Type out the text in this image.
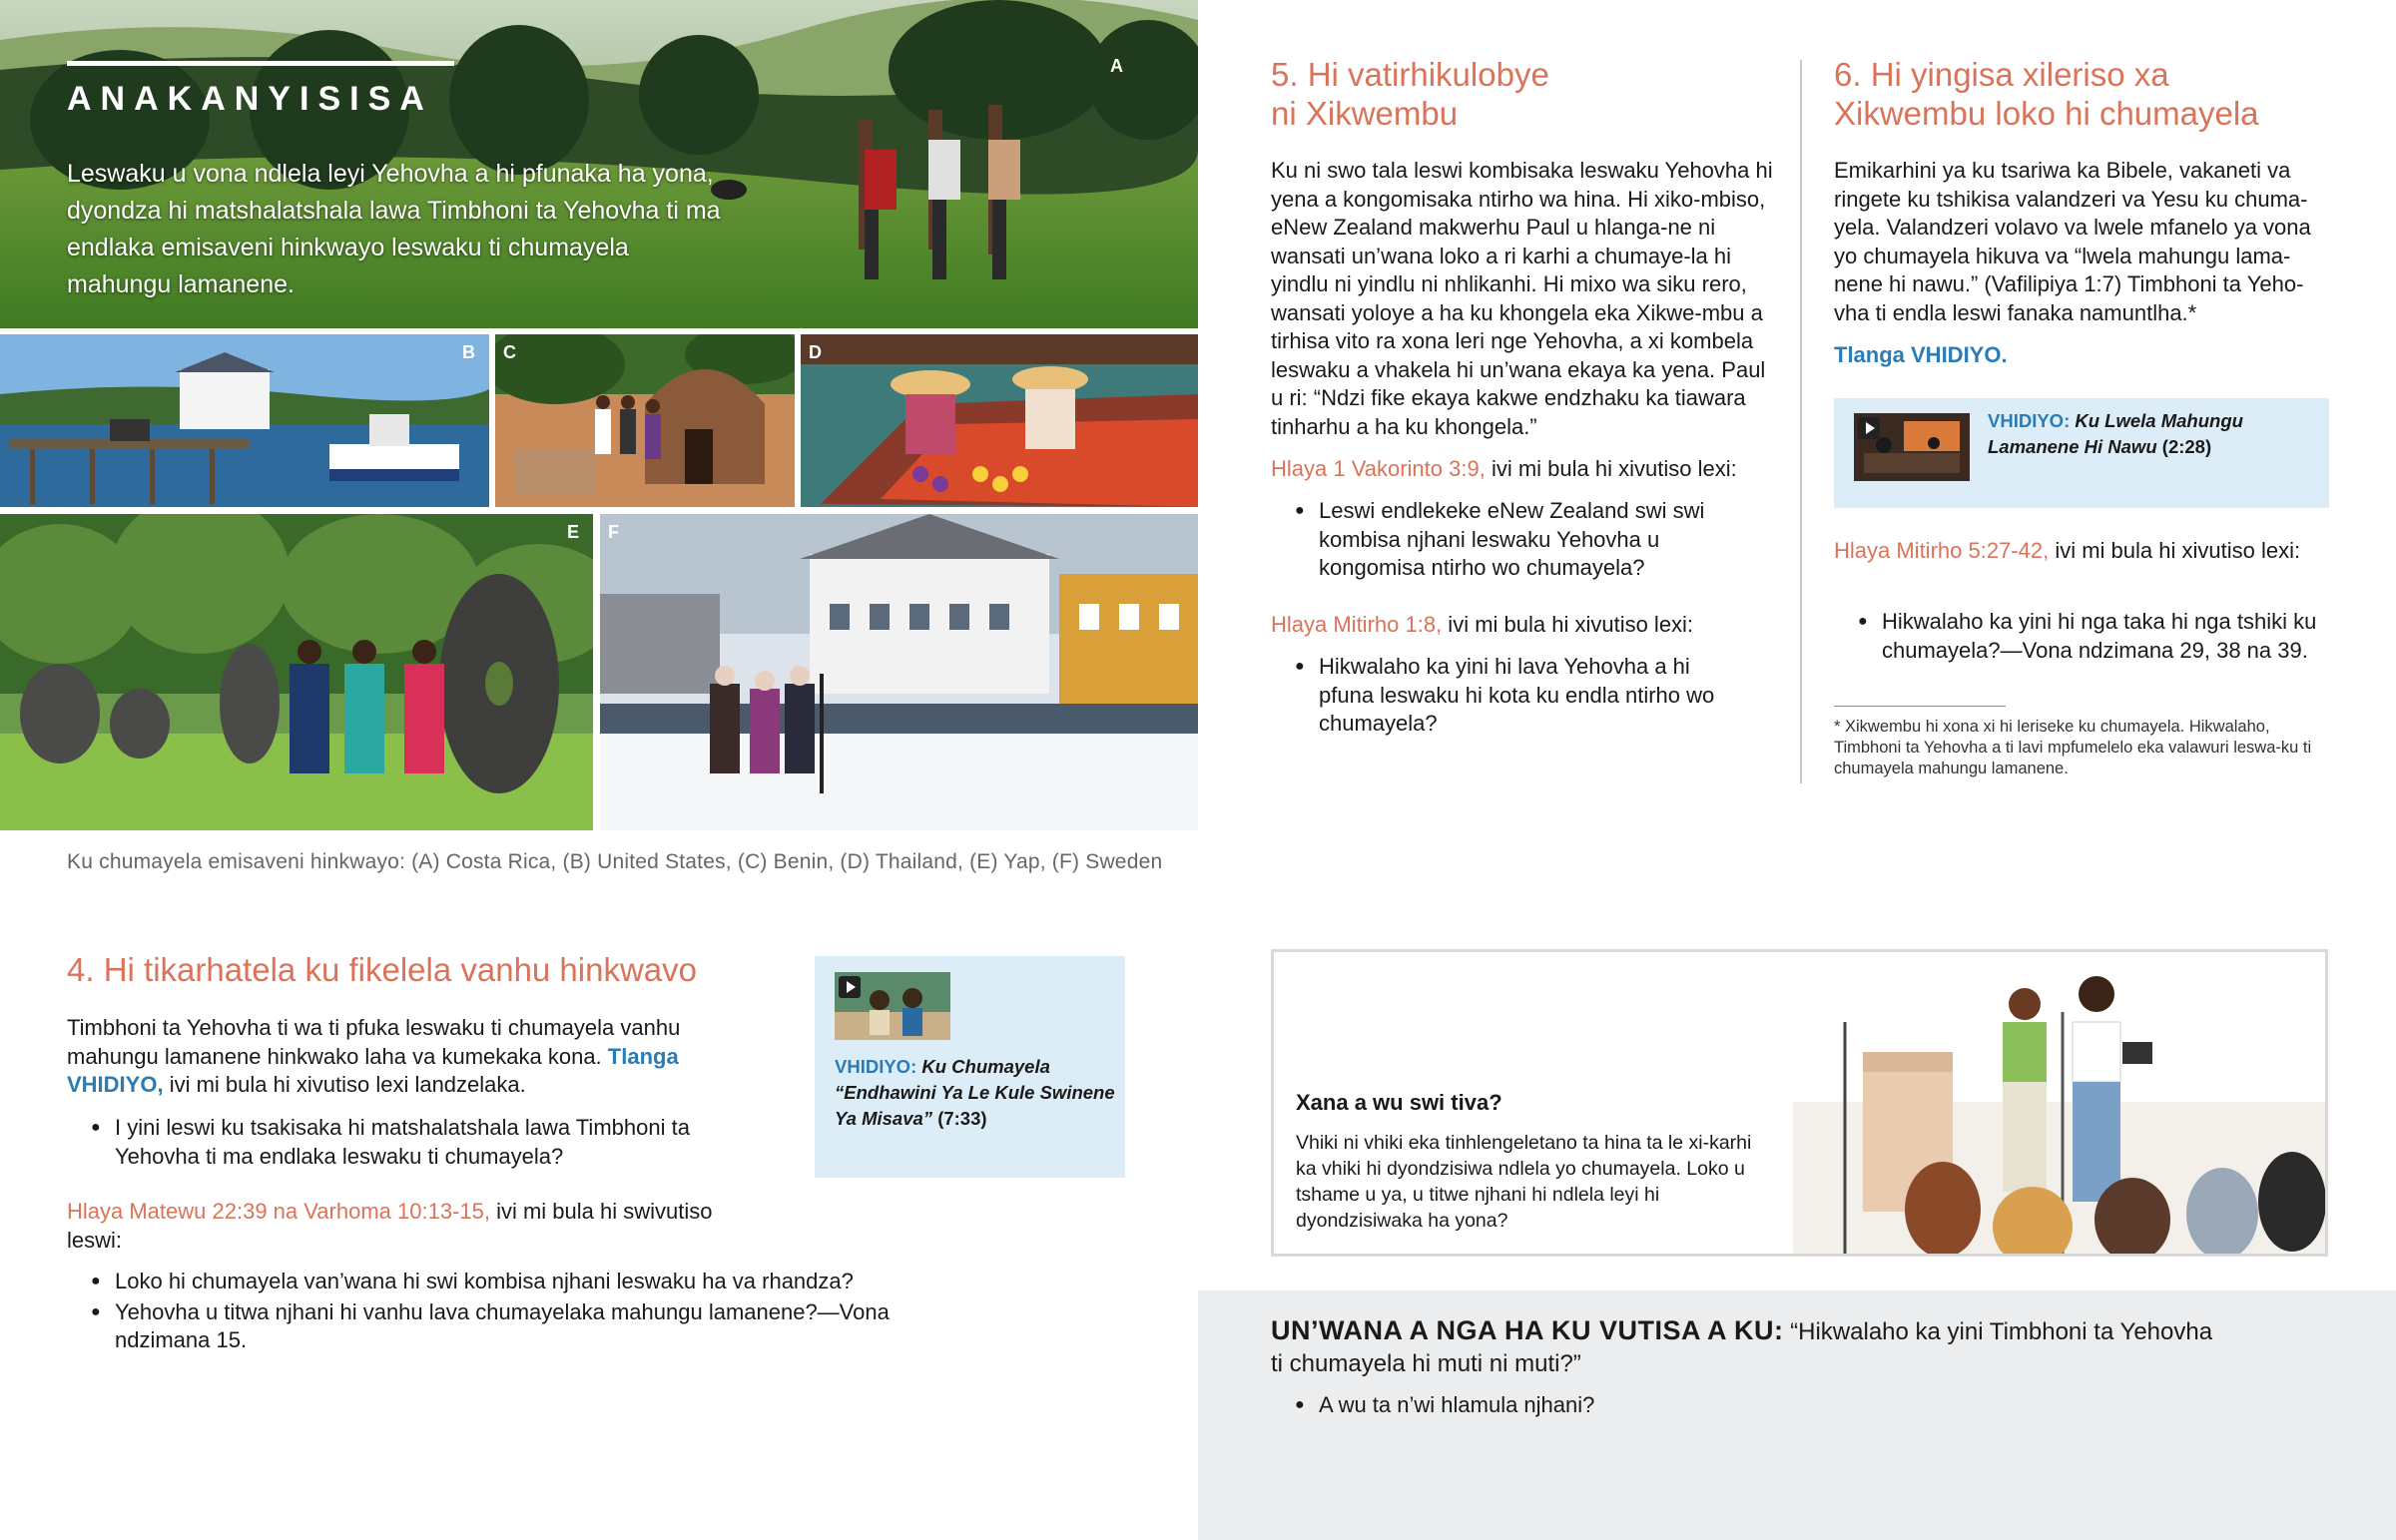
ANAKANYISISA
Leswaku u vona ndlela leyi Yehovha a hi pfunaka ha yona, dyondza hi matshalatshala lawa Timbhoni ta Yehovha ti ma endlaka emisaveni hinkwayo leswaku ti chumayela mahungu lamanene.
A
B C	D
E F
Ku chumayela emisaveni hinkwayo: (A) Costa Rica, (B) United States, (C) Benin, (D) Thailand, (E) Yap, (F) Sweden
4. Hi tikarhatela ku fikelela vanhu hinkwavo
Timbhoni ta Yehovha ti wa ti pfuka leswaku ti chumayela vanhu mahungu lamanene hinkwako laha va kumekaka kona. Tlanga VHIDIYO, ivi mi bula hi xivutiso lexi landzelaka.
● I yini leswi ku tsakisaka hi matshalatshala lawa Timbhoni ta Yehovha ti ma endlaka leswaku ti chumayela?
Hlaya Matewu 22:39 na Varhoma 10:13-15, ivi mi bula hi swivutiso leswi:
● Loko hi chumayela van’wana hi swi kombisa njhani leswaku ha va rhandza?
● Yehovha u titwa njhani hi vanhu lava chumayelaka mahungu lamanene?—Vona ndzimana 15.
VHIDIYO: Ku Chumayela “Endhawini Ya Le Kule Swinene Ya Misava” (7:33)
5. Hi vatirhikulobye
ni Xikwembu
Ku ni swo tala leswi kombisaka leswaku Yehovha hi yena a kongomisaka ntirho wa hina. Hi xiko-mbiso, eNew Zealand makwerhu Paul u hlanga-ne ni wansati un’wana loko a ri karhi a chumaye-la hi yindlu ni yindlu ni nhlikanhi. Hi mixo wa siku rero, wansati yoloye a ha ku khongela eka Xikwe-mbu a tirhisa vito ra xona leri nge Yehovha, a xi kombela leswaku a vhakela hi un’wana ekaya ka yena. Paul u ri: “Ndzi fike ekaya kakwe endzhaku ka tiawara tinharhu a ha ku khongela.”
Hlaya 1 Vakorinto 3:9, ivi mi bula hi xivutiso lexi:
● Leswi endlekeke eNew Zealand swi swi kombisa njhani leswaku Yehovha u kongomisa ntirho wo chumayela?
Hlaya Mitirho 1:8, ivi mi bula hi xivutiso lexi:
● Hikwalaho ka yini hi lava Yehovha a hi pfuna leswaku hi kota ku endla ntirho wo chumayela?
6. Hi yingisa xileriso xa
Xikwembu loko hi chumayela
Emikarhini ya ku tsariwa ka Bibele, vakaneti va ringete ku tshikisa valandzeri va Yesu ku chuma-yela. Valandzeri volavo va lwele mfanelo ya vona yo chumayela hikuva va “lwela mahungu lama-nene hi nawu.” (Vafilipiya 1:7) Timbhoni ta Yeho-vha ti endla leswi fanaka namuntlha.*
Tlanga VHIDIYO.
VHIDIYO: Ku Lwela Mahungu Lamanene Hi Nawu (2:28)
Hlaya Mitirho 5:27-42, ivi mi bula hi xivutiso lexi:
● Hikwalaho ka yini hi nga taka hi nga tshiki ku chumayela?—Vona ndzimana 29, 38 na 39.
* Xikwembu hi xona xi hi leriseke ku chumayela. Hikwalaho, Timbhoni ta Yehovha a ti lavi mpfumelelo eka valawuri leswa-ku ti chumayela mahungu lamanene.
Xana a wu swi tiva?
Vhiki ni vhiki eka tinhlengeletano ta hina ta le xi-karhi ka vhiki hi dyondzisiwa ndlela yo chumayela. Loko u tshame u ya, u titwe njhani hi ndlela leyi hi dyondzisiwaka ha yona?
UN’WANA A NGA HA KU VUTISA A KU: “Hikwalaho ka yini Timbhoni ta Yehovha ti chumayela hi muti ni muti?”
● A wu ta n’wi hlamula njhani?
